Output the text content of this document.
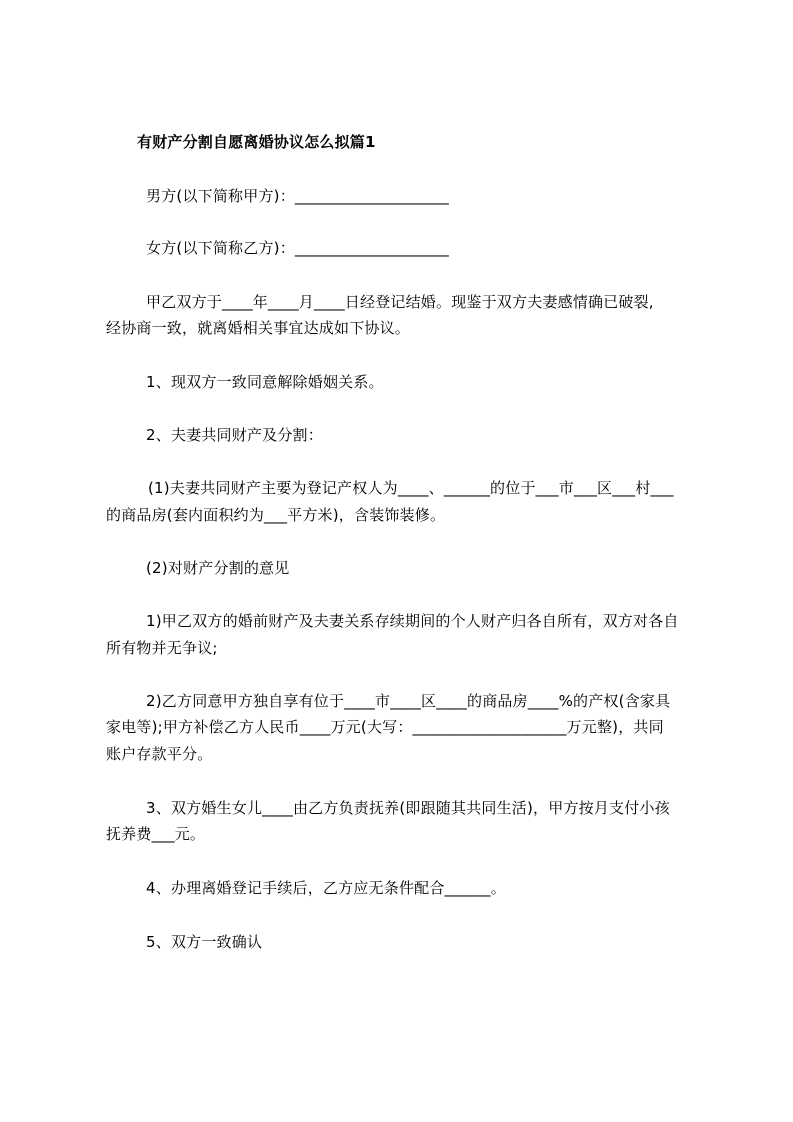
有财产分割自愿离婚协议怎么拟篇1
男方(以下简称甲方)：____________________
女方(以下简称乙方)：____________________
甲乙双方于____年____月____日经登记结婚。现鉴于双方夫妻感情确已破裂,
经协商一致，就离婚相关事宜达成如下协议。
1、现双方一致同意解除婚姻关系。
2、夫妻共同财产及分割：
(1)夫妻共同财产主要为登记产权人为____、______的位于___市___区___村___
的商品房(套内面积约为___平方米)，含装饰装修。
(2)对财产分割的意见
1)甲乙双方的婚前财产及夫妻关系存续期间的个人财产归各自所有，双方对各自
所有物并无争议;
2)乙方同意甲方独自享有位于____市____区____的商品房____%的产权(含家具
家电等);甲方补偿乙方人民币____万元(大写：____________________万元整)，共同
账户存款平分。
3、双方婚生女儿____由乙方负责抚养(即跟随其共同生活)，甲方按月支付小孩
抚养费___元。
4、办理离婚登记手续后，乙方应无条件配合______。
5、双方一致确认
